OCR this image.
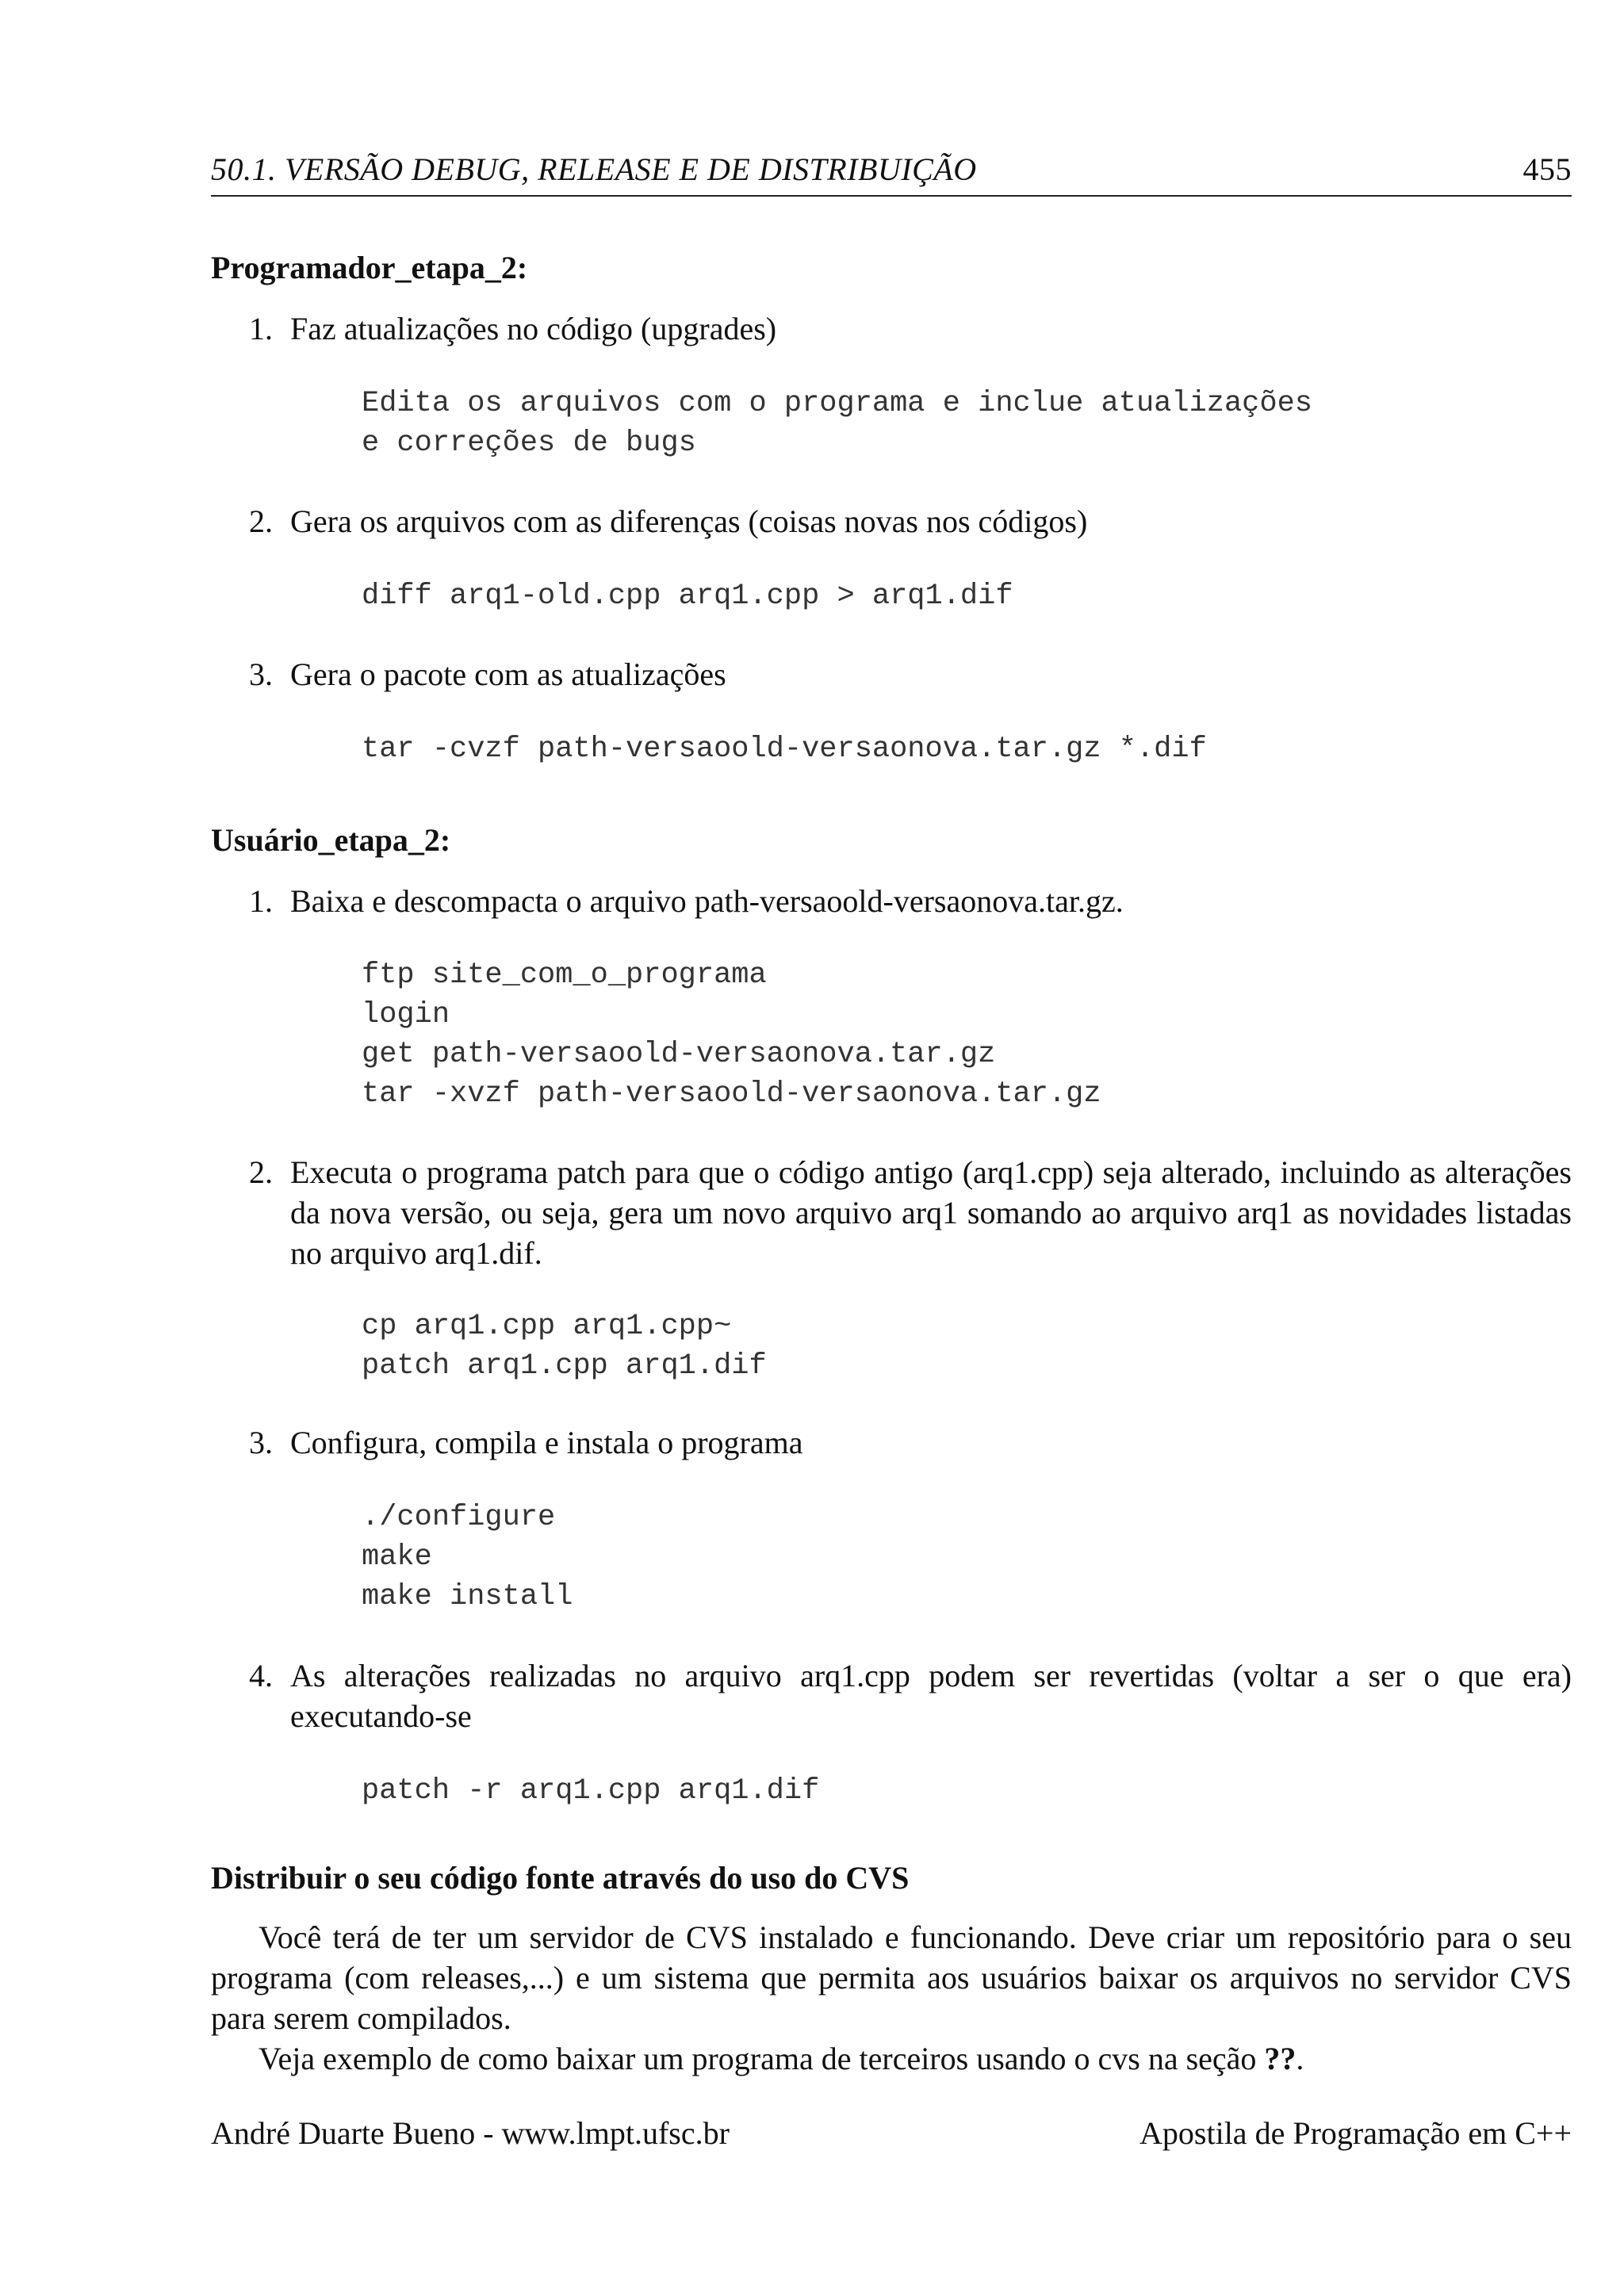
50.1. VERSÃO DEBUG, RELEASE E DE DISTRIBUIÇÃO	455
Programador_etapa_2:
1. Faz atualizações no código (upgrades)
Edita os arquivos com o programa e inclue atualizações
e correções de bugs
2. Gera os arquivos com as diferenças (coisas novas nos códigos)
diff arq1-old.cpp arq1.cpp > arq1.dif
3. Gera o pacote com as atualizações
tar -cvzf path-versaoold-versaonova.tar.gz *.dif
Usuário_etapa_2:
1. Baixa e descompacta o arquivo path-versaoold-versaonova.tar.gz.
ftp site_com_o_programa
login
get path-versaoold-versaonova.tar.gz
tar -xvzf path-versaoold-versaonova.tar.gz
2. Executa o programa patch para que o código antigo (arq1.cpp) seja alterado, incluindo as alterações da nova versão, ou seja, gera um novo arquivo arq1 somando ao arquivo arq1 as novidades listadas no arquivo arq1.dif.
cp arq1.cpp arq1.cpp~
patch arq1.cpp arq1.dif
3. Configura, compila e instala o programa
./configure
make
make install
4. As alterações realizadas no arquivo arq1.cpp podem ser revertidas (voltar a ser o que era) executando-se
patch -r arq1.cpp arq1.dif
Distribuir o seu código fonte através do uso do CVS

Você terá de ter um servidor de CVS instalado e funcionando. Deve criar um repositório para o seu programa (com releases,...) e um sistema que permita aos usuários baixar os arquivos no servidor CVS para serem compilados.

Veja exemplo de como baixar um programa de terceiros usando o cvs na seção ??.

André Duarte Bueno - www.lmpt.ufsc.br	Apostila de Programação em C++
